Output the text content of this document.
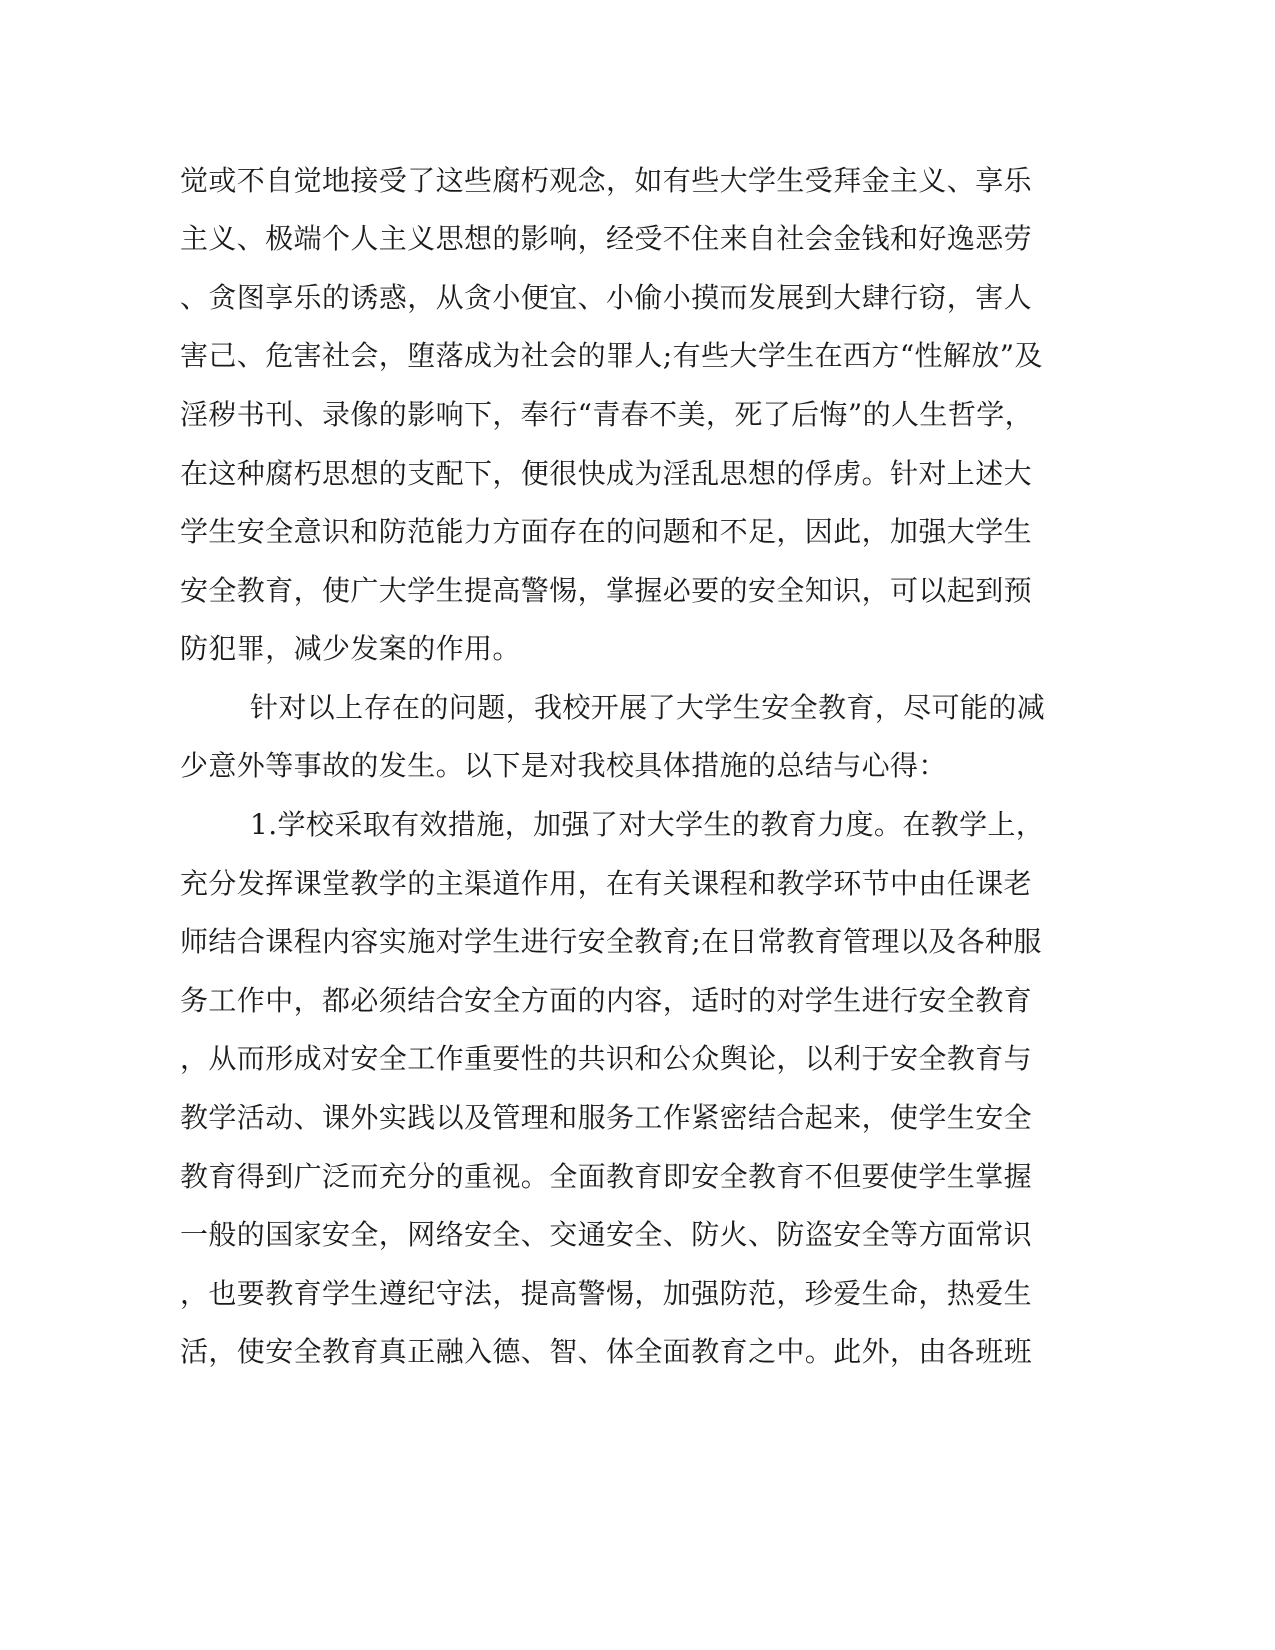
觉或不自觉地接受了这些腐朽观念，如有些大学生受拜金主义、享乐
主义、极端个人主义思想的影响，经受不住来自社会金钱和好逸恶劳
、贪图享乐的诱惑，从贪小便宜、小偷小摸而发展到大肆行窃，害人
害己、危害社会，堕落成为社会的罪人;有些大学生在西方“性解放”及
淫秽书刊、录像的影响下，奉行“青春不美，死了后悔”的人生哲学，
在这种腐朽思想的支配下，便很快成为淫乱思想的俘虏。针对上述大
学生安全意识和防范能力方面存在的问题和不足，因此，加强大学生
安全教育，使广大学生提高警惕，掌握必要的安全知识，可以起到预
防犯罪，减少发案的作用。
针对以上存在的问题，我校开展了大学生安全教育，尽可能的减
少意外等事故的发生。以下是对我校具体措施的总结与心得：
1.学校采取有效措施，加强了对大学生的教育力度。在教学上，
充分发挥课堂教学的主渠道作用，在有关课程和教学环节中由任课老
师结合课程内容实施对学生进行安全教育;在日常教育管理以及各种服
务工作中，都必须结合安全方面的内容，适时的对学生进行安全教育
，从而形成对安全工作重要性的共识和公众舆论，以利于安全教育与
教学活动、课外实践以及管理和服务工作紧密结合起来，使学生安全
教育得到广泛而充分的重视。全面教育即安全教育不但要使学生掌握
一般的国家安全，网络安全、交通安全、防火、防盗安全等方面常识
，也要教育学生遵纪守法，提高警惕，加强防范，珍爱生命，热爱生
活，使安全教育真正融入德、智、体全面教育之中。此外，由各班班
